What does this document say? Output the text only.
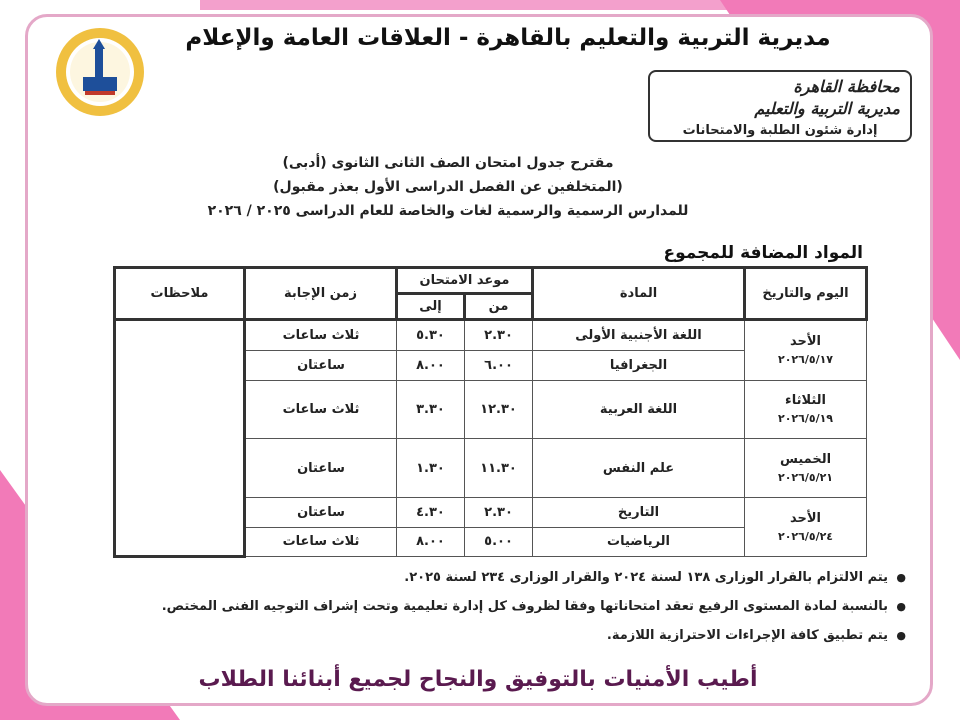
مديرية التربية والتعليم بالقاهرة - العلاقات العامة والإعلام
محافظة القاهرة
مديرية التربية والتعليم
إدارة شئون الطلبة والامتحانات
مقترح جدول امتحان الصف الثانى الثانوى (أدبى)
(المتخلفين عن الفصل الدراسى الأول بعذر مقبول)
للمدارس الرسمية والرسمية لغات والخاصة للعام الدراسى ٢٠٢٥ / ٢٠٢٦
المواد المضافة للمجموع
اليوم والتاريخ	المادة	موعد الامتحان		زمن الإجابة	ملاحظات
		من	إلى		

الأحد
٢٠٢٦/٥/١٧	اللغة الأجنبية الأولى	٢.٣٠	٥.٣٠	ثلاث ساعات	
	الجغرافيا	٦.٠٠	٨.٠٠	ساعتان	

الثلاثاء
٢٠٢٦/٥/١٩	اللغة العربية	١٢.٣٠	٣.٣٠	ثلاث ساعات	

الخميس
٢٠٢٦/٥/٢١	علم النفس	١١.٣٠	١.٣٠	ساعتان	

الأحد
٢٠٢٦/٥/٢٤	التاريخ	٢.٣٠	٤.٣٠	ساعتان	
	الرياضيات	٥.٠٠	٨.٠٠	ثلاث ساعات	
● يتم الالتزام بالقرار الوزارى ١٣٨ لسنة ٢٠٢٤ والقرار الوزارى ٢٣٤ لسنة ٢٠٢٥.
● بالنسبة لمادة المستوى الرفيع تعقد امتحاناتها وفقا لظروف كل إدارة تعليمية وتحت إشراف التوجيه الفنى المختص.
● يتم تطبيق كافة الإجراءات الاحترازية اللازمة.
أطيب الأمنيات بالتوفيق والنجاح لجميع أبنائنا الطلاب
